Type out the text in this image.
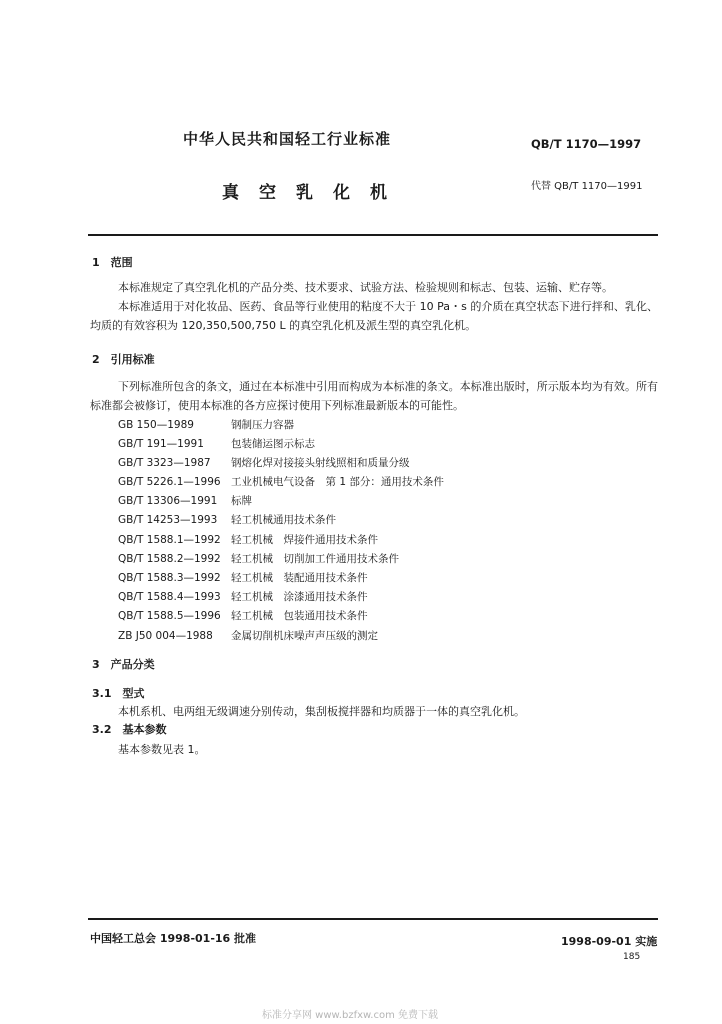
中华人民共和国轻工行业标准	QB/T 1170—1997
真空乳化机	代替 QB/T 1170—1991
1　范围
本标准规定了真空乳化机的产品分类、技术要求、试验方法、检验规则和标志、包装、运输、贮存等。
本标准适用于对化妆品、医药、食品等行业使用的粘度不大于 10 Pa・s 的介质在真空状态下进行拌和、乳化、均质的有效容积为 120,350,500,750 L 的真空乳化机及派生型的真空乳化机。
2　引用标准
下列标准所包含的条文，通过在本标准中引用而构成为本标准的条文。本标准出版时，所示版本均为有效。所有标准都会被修订，使用本标准的各方应探讨使用下列标准最新版本的可能性。
GB 150—1989	钢制压力容器
GB/T 191—1991	包装储运图示标志
GB/T 3323—1987 钢熔化焊对接接头射线照相和质量分级
GB/T 5226.1—1996 工业机械电气设备　第 1 部分：通用技术条件
GB/T 13306—1991 标牌
GB/T 14253—1993 轻工机械通用技术条件
QB/T 1588.1—1992 轻工机械　焊接件通用技术条件
QB/T 1588.2—1992 轻工机械　切削加工件通用技术条件
QB/T 1588.3—1992 轻工机械　装配通用技术条件
QB/T 1588.4—1993 轻工机械　涂漆通用技术条件
QB/T 1588.5—1996 轻工机械　包装通用技术条件
ZB J50 004—1988 金属切削机床噪声声压级的测定
3　产品分类
3.1　型式
本机系机、电两组无级调速分别传动，集刮板搅拌器和均质器于一体的真空乳化机。
3.2　基本参数
基本参数见表 1。
中国轻工总会 1998-01-16 批准	1998-09-01 实施
185
标准分享网 www.bzfxw.com 免费下载
